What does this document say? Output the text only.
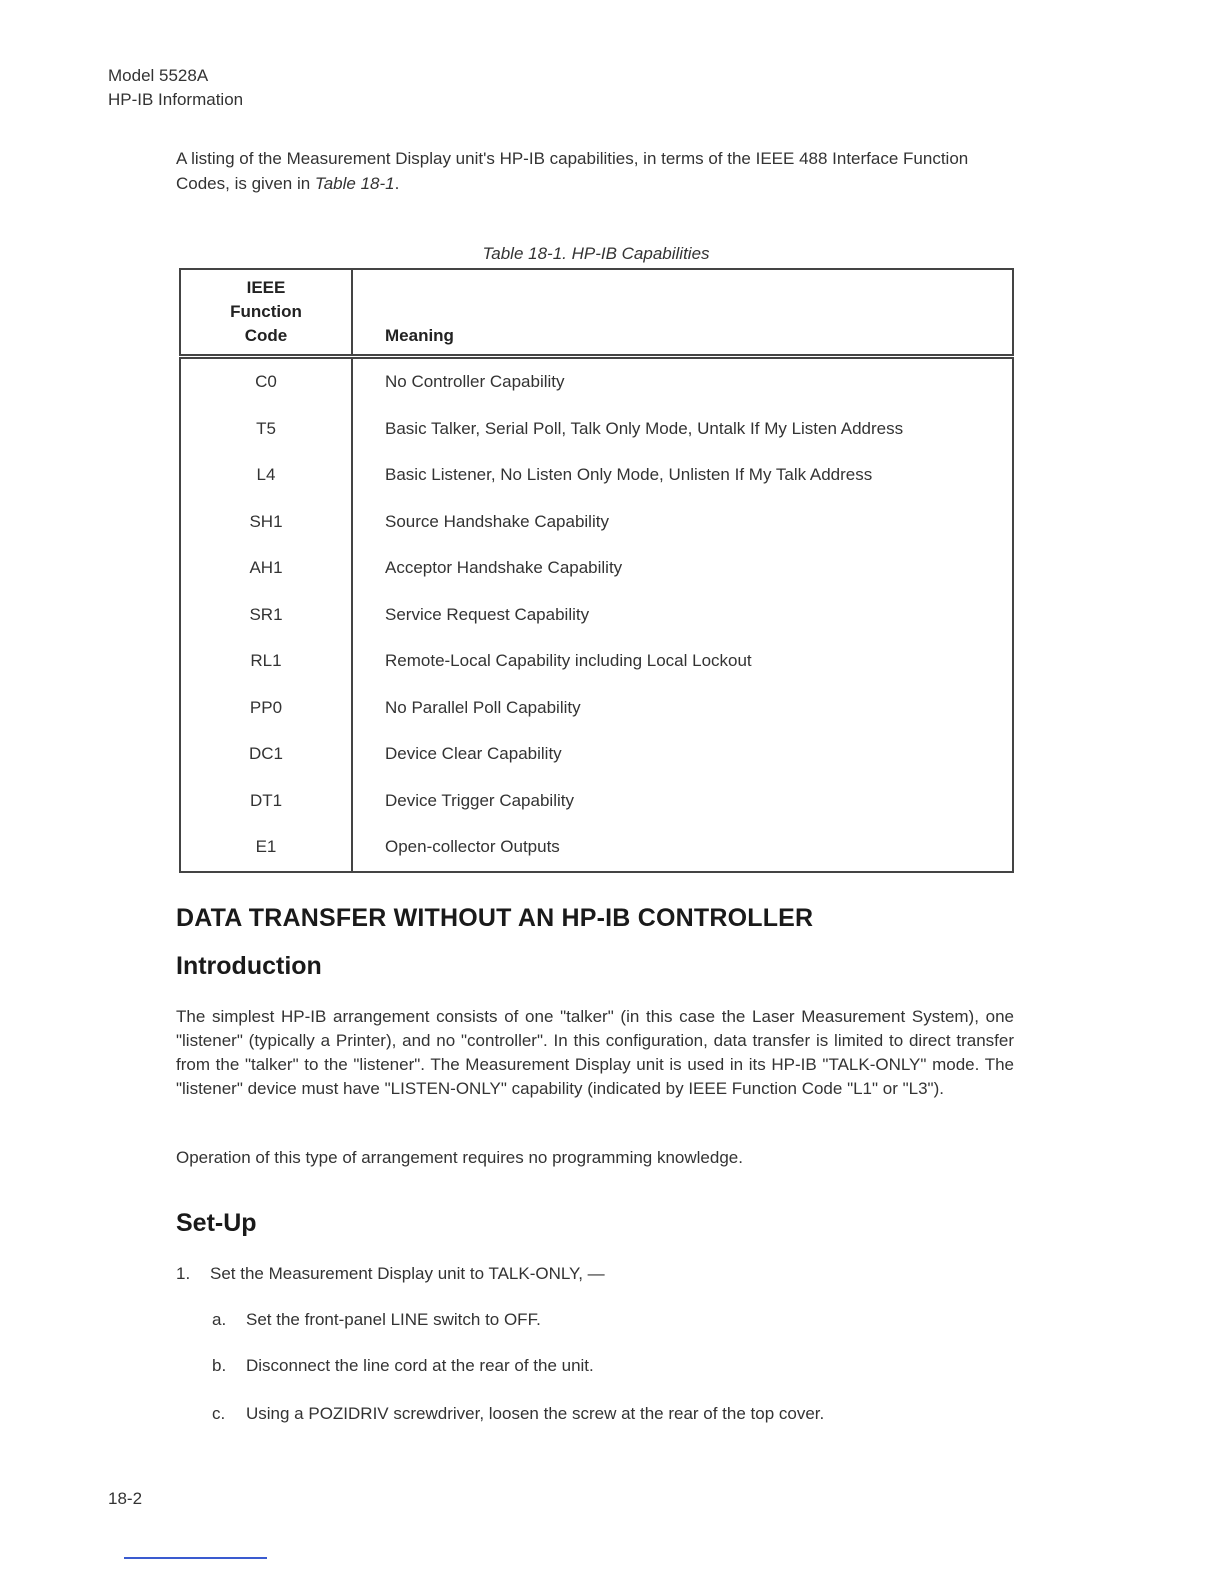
Model 5528A
HP-IB Information
A listing of the Measurement Display unit's HP-IB capabilities, in terms of the IEEE 488 Interface Function Codes, is given in Table 18-1.
Table 18-1. HP-IB Capabilities
IEEE
Function
Code	Meaning
C0	No Controller Capability
T5	Basic Talker, Serial Poll, Talk Only Mode, Untalk If My Listen Address
L4	Basic Listener, No Listen Only Mode, Unlisten If My Talk Address
SH1	Source Handshake Capability
AH1	Acceptor Handshake Capability
SR1	Service Request Capability
RL1	Remote-Local Capability including Local Lockout
PP0	No Parallel Poll Capability
DC1	Device Clear Capability
DT1	Device Trigger Capability
E1	Open-collector Outputs
DATA TRANSFER WITHOUT AN HP-IB CONTROLLER
Introduction
The simplest HP-IB arrangement consists of one "talker" (in this case the Laser Measurement System), one "listener" (typically a Printer), and no "controller". In this configuration, data transfer is limited to direct transfer from the "talker" to the "listener". The Measurement Display unit is used in its HP-IB "TALK-ONLY" mode. The "listener" device must have "LISTEN-ONLY" capability (indicated by IEEE Function Code "L1" or "L3").
Operation of this type of arrangement requires no programming knowledge.
Set-Up
1. Set the Measurement Display unit to TALK-ONLY, —
a. Set the front-panel LINE switch to OFF.
b. Disconnect the line cord at the rear of the unit.
c. Using a POZIDRIV screwdriver, loosen the screw at the rear of the top cover.
18-2
